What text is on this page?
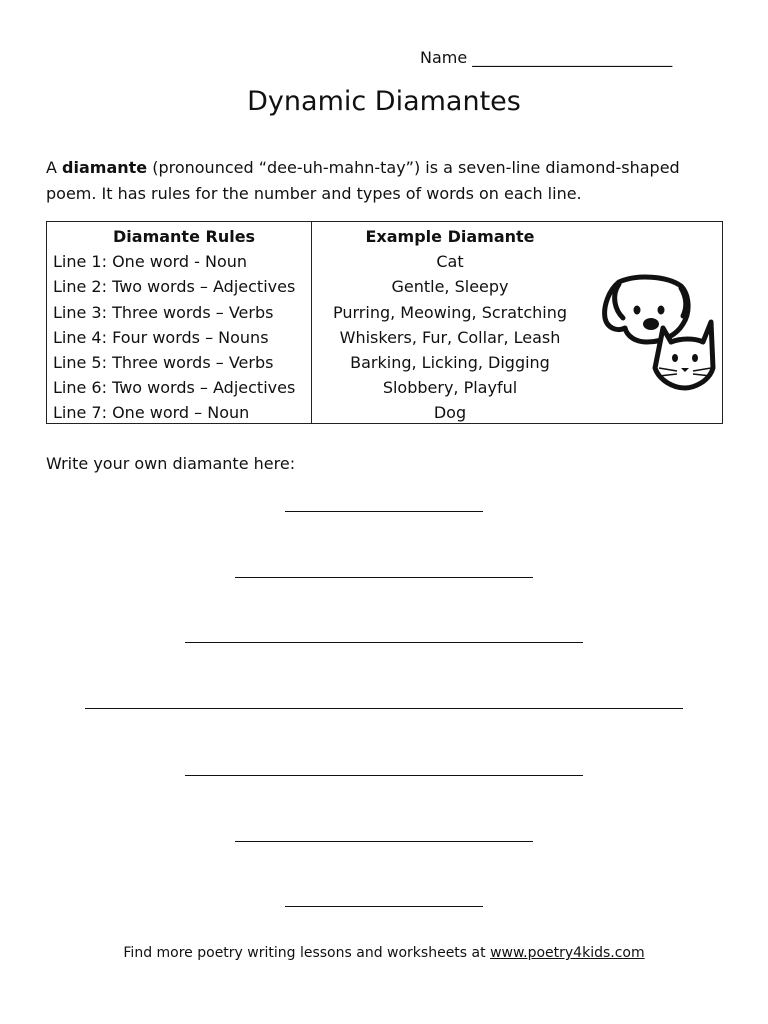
Name _________________________
Dynamic Diamantes
A diamante (pronounced “dee-uh-mahn-tay”) is a seven-line diamond-shaped poem. It has rules for the number and types of words on each line.
Diamante Rules
Line 1: One word - Noun
Line 2: Two words – Adjectives
Line 3: Three words – Verbs
Line 4: Four words – Nouns
Line 5: Three words – Verbs
Line 6: Two words – Adjectives
Line 7: One word – Noun
Example Diamante
Cat
Gentle, Sleepy
Purring, Meowing, Scratching
Whiskers, Fur, Collar, Leash
Barking, Licking, Digging
Slobbery, Playful
Dog
Write your own diamante here:
Find more poetry writing lessons and worksheets at www.poetry4kids.com
